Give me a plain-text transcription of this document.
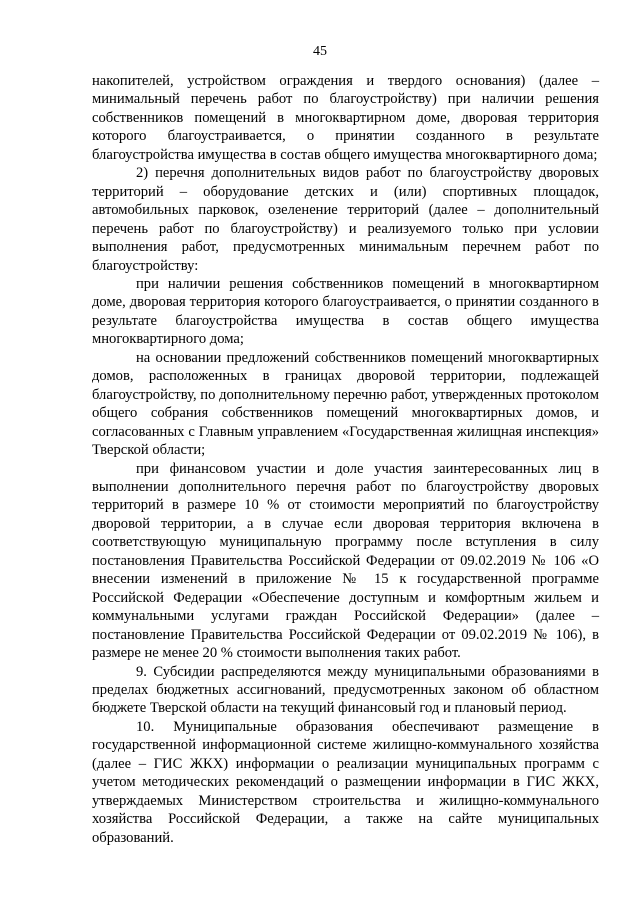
45

накопителей, устройством ограждения и твердого основания) (далее – минимальный перечень работ по благоустройству) при наличии решения собственников помещений в многоквартирном доме, дворовая территория которого благоустраивается, о принятии созданного в результате благоустройства имущества в состав общего имущества многоквартирного дома;

2) перечня дополнительных видов работ по благоустройству дворовых территорий – оборудование детских и (или) спортивных площадок, автомобильных парковок, озеленение территорий (далее – дополнительный перечень работ по благоустройству) и реализуемого только при условии выполнения работ, предусмотренных минимальным перечнем работ по благоустройству:

при наличии решения собственников помещений в многоквартирном доме, дворовая территория которого благоустраивается, о принятии созданного в результате благоустройства имущества в состав общего имущества многоквартирного дома;

на основании предложений собственников помещений многоквартирных домов, расположенных в границах дворовой территории, подлежащей благоустройству, по дополнительному перечню работ, утвержденных протоколом общего собрания собственников помещений многоквартирных домов, и согласованных с Главным управлением «Государственная жилищная инспекция» Тверской области;

при финансовом участии и доле участия заинтересованных лиц в выполнении дополнительного перечня работ по благоустройству дворовых территорий в размере 10 % от стоимости мероприятий по благоустройству дворовой территории, а в случае если дворовая территория включена в соответствующую муниципальную программу после вступления в силу постановления Правительства Российской Федерации от 09.02.2019 № 106 «О внесении изменений в приложение № 15 к государственной программе Российской Федерации «Обеспечение доступным и комфортным жильем и коммунальными услугами граждан Российской Федерации» (далее – постановление Правительства Российской Федерации от 09.02.2019 № 106), в размере не менее 20 % стоимости выполнения таких работ.

9. Субсидии распределяются между муниципальными образованиями в пределах бюджетных ассигнований, предусмотренных законом об областном бюджете Тверской области на текущий финансовый год и плановый период.

10. Муниципальные образования обеспечивают размещение в государственной информационной системе жилищно-коммунального хозяйства (далее – ГИС ЖКХ) информации о реализации муниципальных программ с учетом методических рекомендаций о размещении информации в ГИС ЖКХ, утверждаемых Министерством строительства и жилищно-коммунального хозяйства Российской Федерации, а также на сайте муниципальных образований.
